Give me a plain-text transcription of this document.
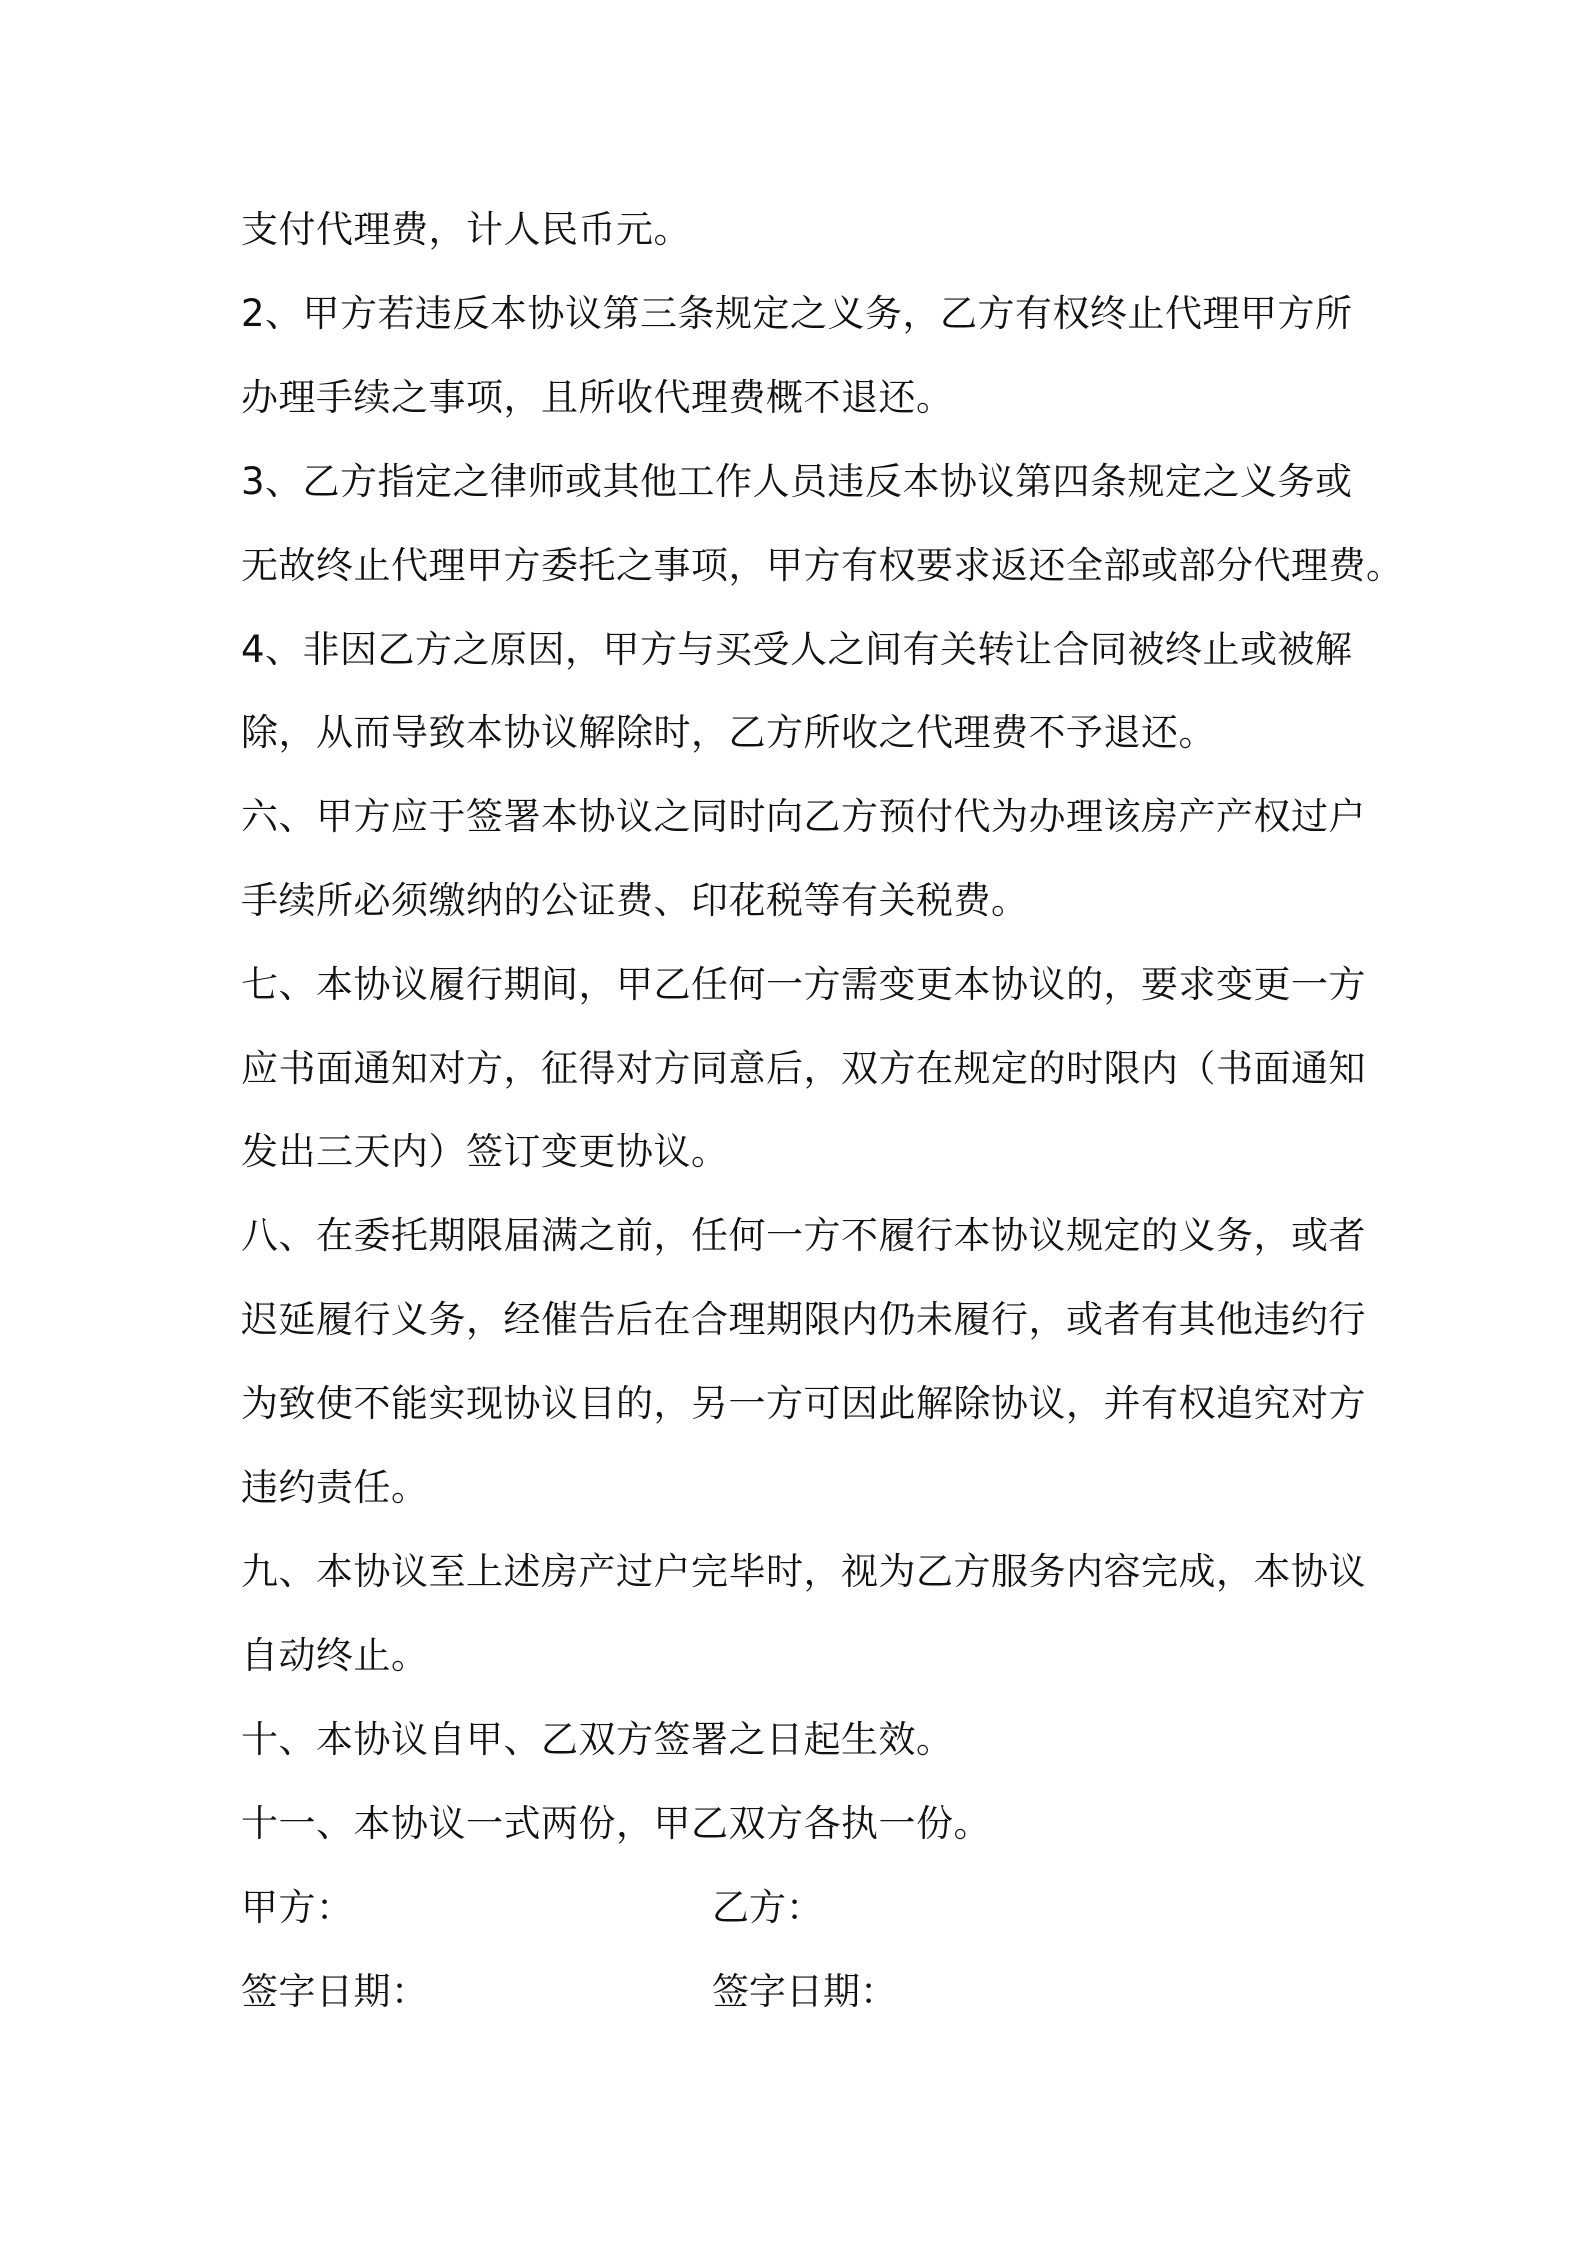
支付代理费，计人民币元。
2、甲方若违反本协议第三条规定之义务，乙方有权终止代理甲方所
办理手续之事项，且所收代理费概不退还。
3、乙方指定之律师或其他工作人员违反本协议第四条规定之义务或
无故终止代理甲方委托之事项，甲方有权要求返还全部或部分代理费。
4、非因乙方之原因，甲方与买受人之间有关转让合同被终止或被解
除，从而导致本协议解除时，乙方所收之代理费不予退还。
六、甲方应于签署本协议之同时向乙方预付代为办理该房产产权过户
手续所必须缴纳的公证费、印花税等有关税费。
七、本协议履行期间，甲乙任何一方需变更本协议的，要求变更一方
应书面通知对方，征得对方同意后，双方在规定的时限内（书面通知
发出三天内）签订变更协议。
八、在委托期限届满之前，任何一方不履行本协议规定的义务，或者
迟延履行义务，经催告后在合理期限内仍未履行，或者有其他违约行
为致使不能实现协议目的，另一方可因此解除协议，并有权追究对方
违约责任。
九、本协议至上述房产过户完毕时，视为乙方服务内容完成，本协议
自动终止。
十、本协议自甲、乙双方签署之日起生效。
十一、本协议一式两份，甲乙双方各执一份。
甲方：	乙方：
签字日期：	签字日期：
